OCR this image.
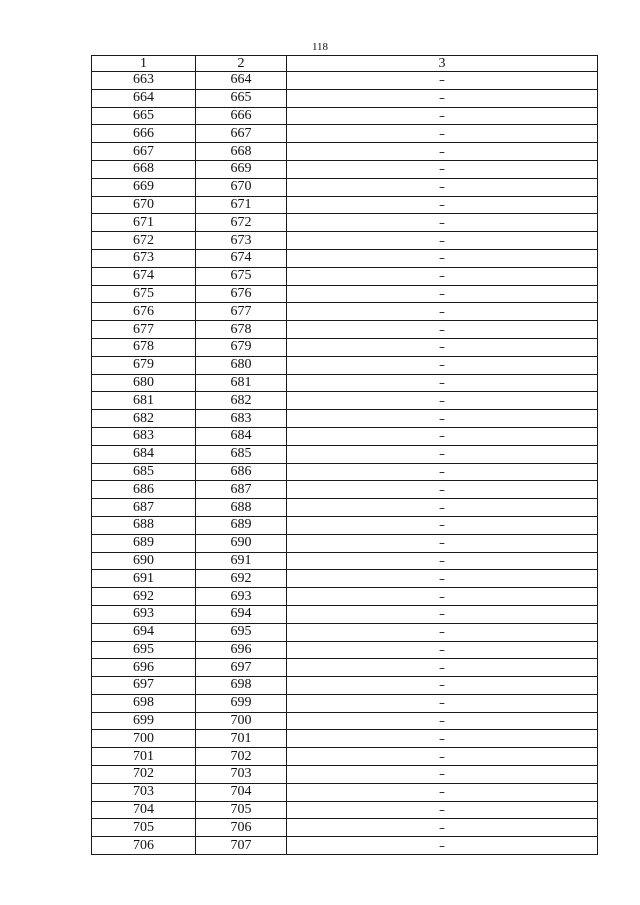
118
1	2	3
663	664	–
664	665	–
665	666	–
666	667	–
667	668	–
668	669	–
669	670	–
670	671	–
671	672	–
672	673	–
673	674	–
674	675	–
675	676	–
676	677	–
677	678	–
678	679	–
679	680	–
680	681	–
681	682	–
682	683	–
683	684	–
684	685	–
685	686	–
686	687	–
687	688	–
688	689	–
689	690	–
690	691	–
691	692	–
692	693	–
693	694	–
694	695	–
695	696	–
696	697	–
697	698	–
698	699	–
699	700	–
700	701	–
701	702	–
702	703	–
703	704	–
704	705	–
705	706	–
706	707	–
